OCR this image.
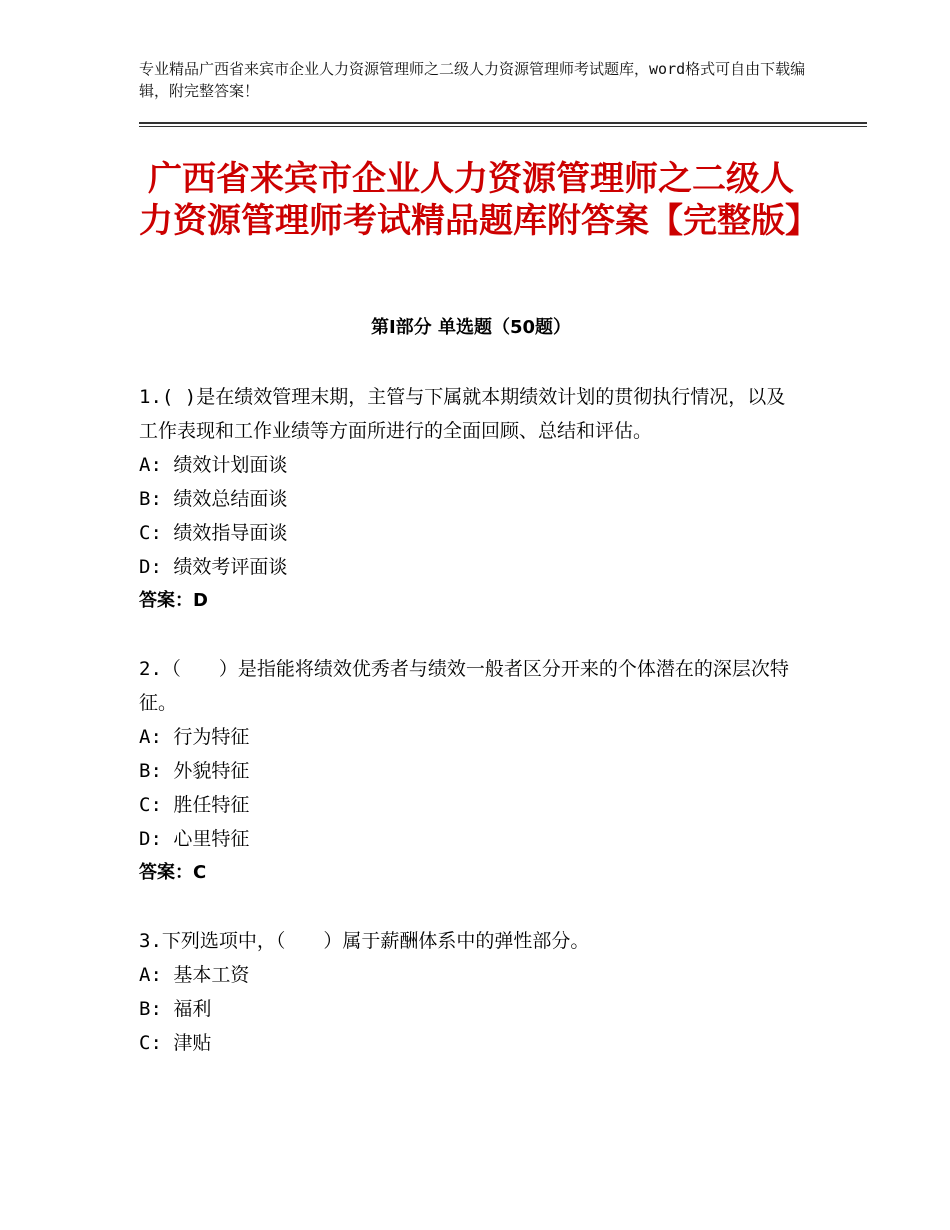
专业精品广西省来宾市企业人力资源管理师之二级人力资源管理师考试题库，word格式可自由下载编辑，附完整答案！
广西省来宾市企业人力资源管理师之二级人力资源管理师考试精品题库附答案【完整版】
第Ⅰ部分 单选题（50题）

1.( )是在绩效管理末期，主管与下属就本期绩效计划的贯彻执行情况，以及工作表现和工作业绩等方面所进行的全面回顾、总结和评估。

A: 绩效计划面谈

B: 绩效总结面谈

C: 绩效指导面谈

D: 绩效考评面谈

答案：D

2.（　　）是指能将绩效优秀者与绩效一般者区分开来的个体潜在的深层次特征。

A: 行为特征

B: 外貌特征

C: 胜任特征

D: 心里特征

答案：C

3.下列选项中，（　　）属于薪酬体系中的弹性部分。

A: 基本工资

B: 福利

C: 津贴
